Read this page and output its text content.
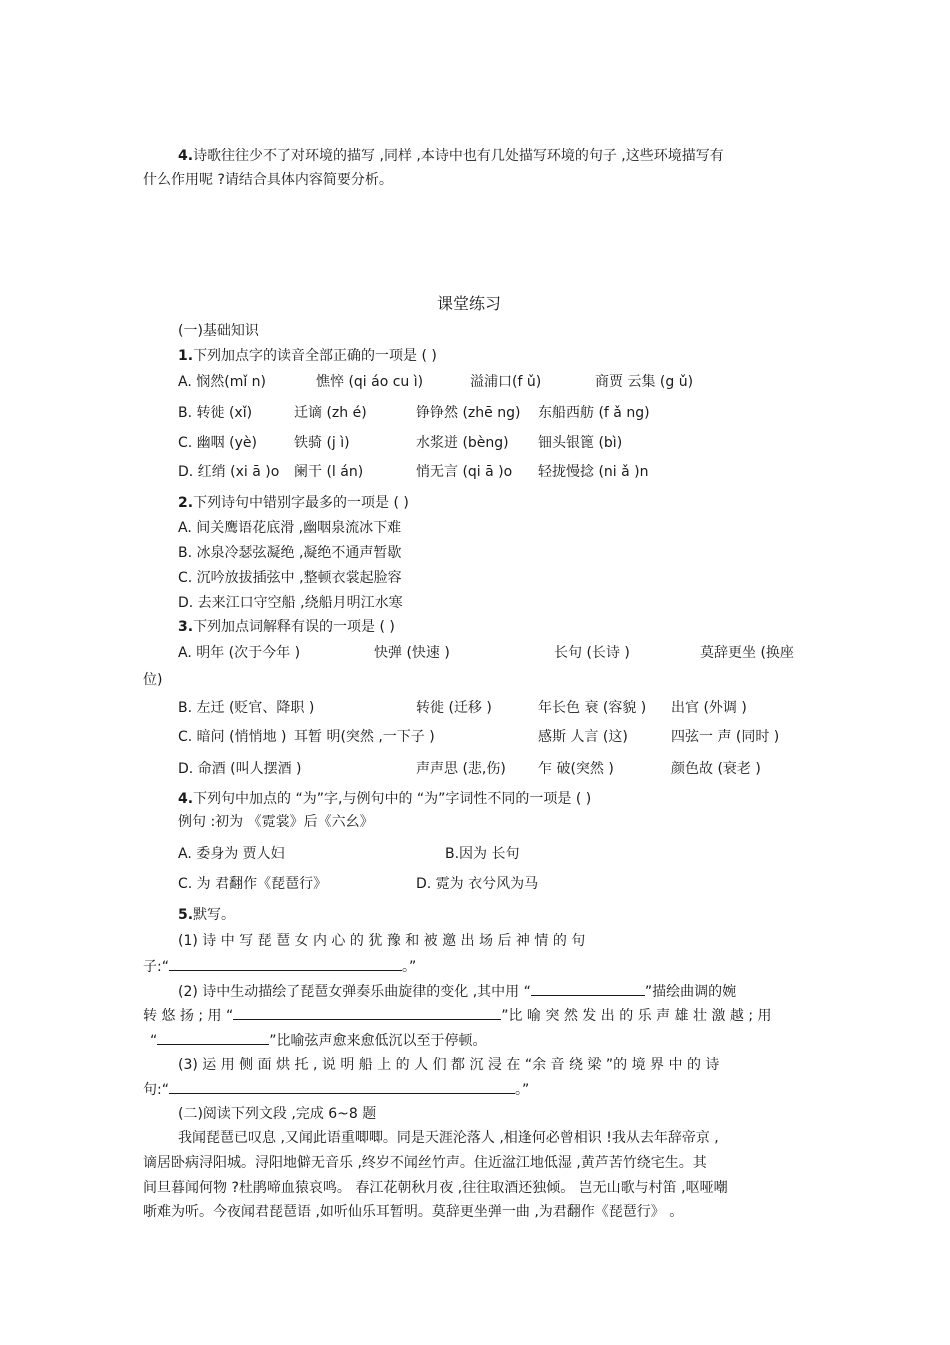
4.诗歌往往少不了对环境的描写 ,同样 ,本诗中也有几处描写环境的句子 ,这些环境描写有
什么作用呢 ?请结合具体内容简要分析。
课堂练习
(一)基础知识
1.下列加点字的读音全部正确的一项是 ( )
A. 悯然(mǐ n)	憔悴 (qi áo cu ì)	溢浦口(f ǔ)	商贾 云集 (g ǔ)
B. 转徙 (xǐ)	迁谪 (zh é)	铮铮然 (zhē ng) 东船西舫 (f ǎ ng)
C. 幽咽 (yè)	铁骑 (j ì)	水浆迸 (bèng) 钿头银篦 (bì)
D. 红绡 (xi ā )o 阑干 (l án)	悄无言 (qi ā )o 轻拢慢捻 (ni ǎ )n
2.下列诗句中错别字最多的一项是 ( )
A. 间关鹰语花底滑 ,幽咽泉流冰下难
B. 冰泉冷瑟弦凝绝 ,凝绝不通声暂歇
C. 沉吟放拔插弦中 ,整顿衣裳起脸容
D. 去来江口守空船 ,绕船月明江水寒
3.下列加点词解释有误的一项是 ( )
A. 明年 (次于今年 )	快弹 (快速 )	长句 (长诗 )	莫辞更坐 (换座
位)
B. 左迁 (贬官、降职 )	转徙 (迁移 )	年长色 衰 (容貌 ) 出官 (外调 )
C. 暗问 (悄悄地 ) 耳暂 明(突然 ,一下子 )	感斯 人言 (这)	四弦一 声 (同时 )
D. 命酒 (叫人摆酒 )	声声思 (悲,伤) 乍 破(突然 )	颜色故 (衰老 )
4.下列句中加点的 “为”字,与例句中的 “为”字词性不同的一项是 ( )
例句 :初为 《霓裳》后《六幺》
A. 委身为 贾人妇	B.因为 长句
C. 为 君翻作《琵琶行》	D. 霓为 衣兮风为马
5.默写。
(1) 诗 中 写 琵 琶 女 内 心 的 犹 豫 和 被 邀 出 场 后 神 情 的 句
子:“	。”
(2) 诗中生动描绘了琵琶女弹奏乐曲旋律的变化 ,其中用 “	”描绘曲调的婉
转 悠 扬 ; 用 “	”比 喻 突 然 发 出 的 乐 声 雄 壮 激 越 ; 用
“	”比喻弦声愈来愈低沉以至于停顿。
(3) 运 用 侧 面 烘 托 , 说 明 船 上 的 人 们 都 沉 浸 在 “余 音 绕 梁 ”的 境 界 中 的 诗
句:“	。”
(二)阅读下列文段 ,完成 6~8 题
我闻琵琶已叹息 ,又闻此语重唧唧。同是天涯沦落人 ,相逢何必曾相识 !我从去年辞帝京 ,
谪居卧病浔阳城。浔阳地僻无音乐 ,终岁不闻丝竹声。住近湓江地低湿 ,黄芦苦竹绕宅生。其
间旦暮闻何物 ?杜鹃啼血猿哀鸣。 春江花朝秋月夜 ,往往取酒还独倾。 岂无山歌与村笛 ,呕哑嘲
哳难为听。今夜闻君琵琶语 ,如听仙乐耳暂明。莫辞更坐弹一曲 ,为君翻作《琵琶行》 。
